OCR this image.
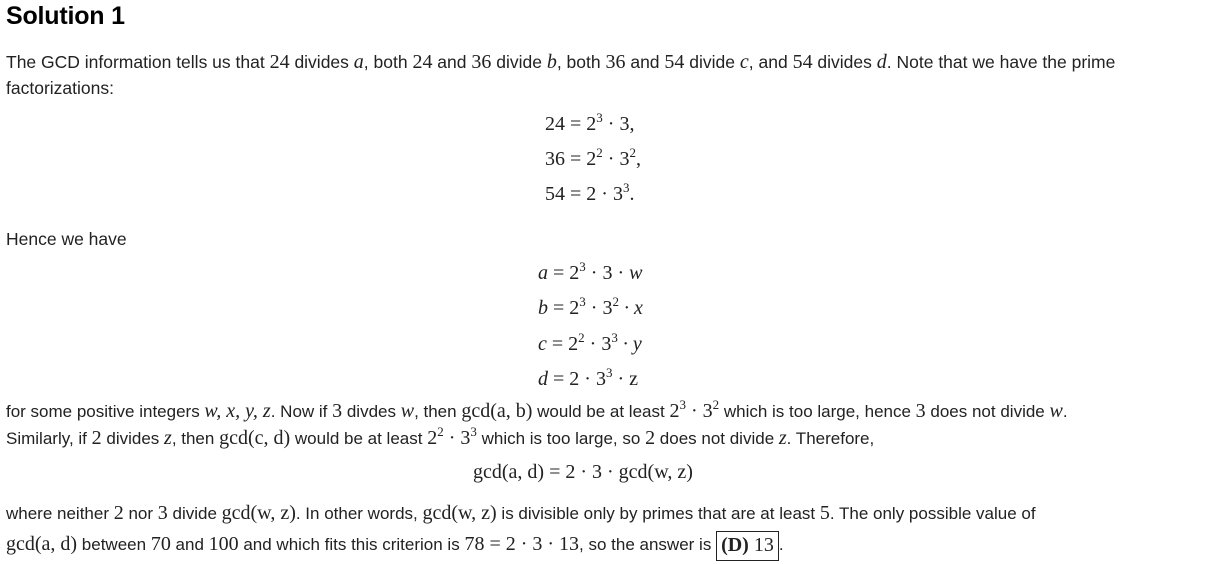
Solution 1
The GCD information tells us that 24 divides a, both 24 and 36 divide b, both 36 and 54 divide c, and 54 divides d. Note that we have the prime
factorizations:
$24 = 2^3 \cdot 3$,
$36 = 2^2 \cdot 3^2$,
$54 = 2 \cdot 3^3$.
Hence we have
$a = 2^3 \cdot 3 \cdot w$
$b = 2^3 \cdot 3^2 \cdot x$
$c = 2^2 \cdot 3^3 \cdot y$
$d = 2 \cdot 3^3 \cdot z$
for some positive integers w, x, y, z. Now if 3 divdes w, then gcd(a, b) would be at least $2^3 \cdot 3^2$ which is too large, hence 3 does not divide w.
Similarly, if 2 divides z, then gcd(c, d) would be at least $2^2 \cdot 3^3$ which is too large, so 2 does not divide z. Therefore,
gcd(a, d) = 2 · 3 · gcd(w, z)
where neither 2 nor 3 divide gcd(w, z). In other words, gcd(w, z) is divisible only by primes that are at least 5. The only possible value of
gcd(a, d) between 70 and 100 and which fits this criterion is 78 = 2 · 3 · 13, so the answer is (D) 13 .
